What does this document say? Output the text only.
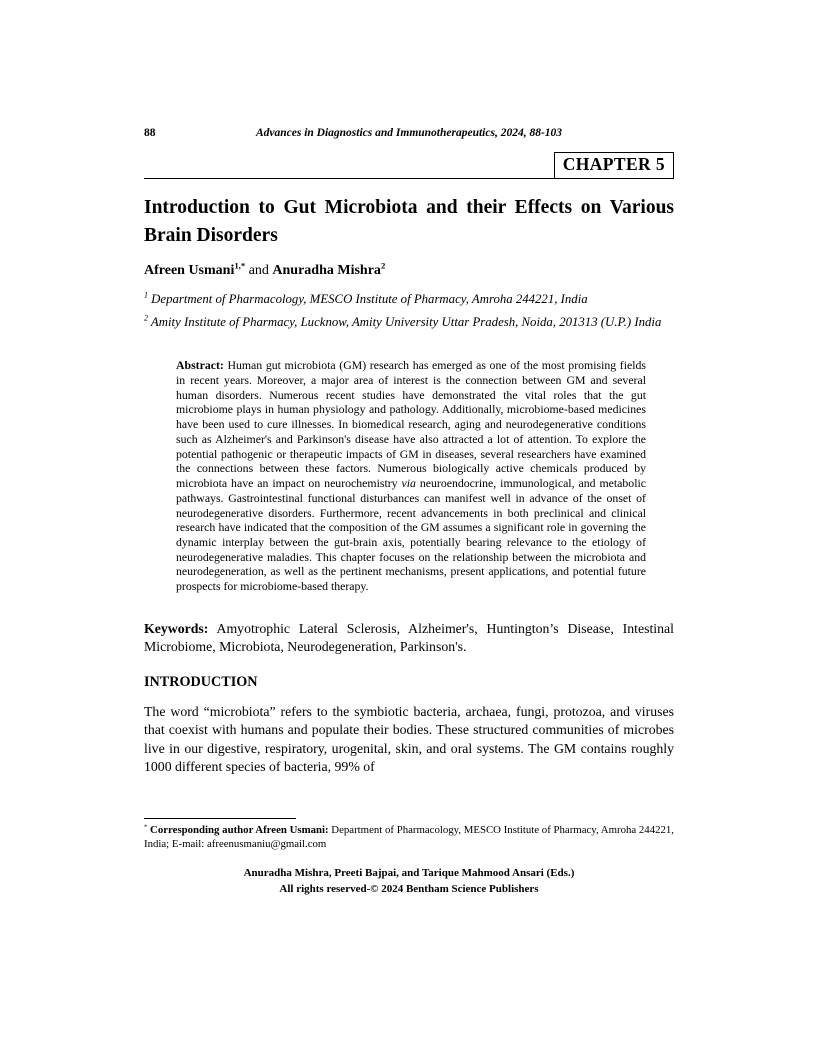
88	Advances in Diagnostics and Immunotherapeutics, 2024, 88-103
CHAPTER 5
Introduction to Gut Microbiota and their Effects on Various Brain Disorders

Afreen Usmani$^{1,*}$ and Anuradha Mishra$^2$

$^1$ Department of Pharmacology, MESCO Institute of Pharmacy, Amroha 244221, India

$^2$ Amity Institute of Pharmacy, Lucknow, Amity University Uttar Pradesh, Noida, 201313 (U.P.) India

Abstract: Human gut microbiota (GM) research has emerged as one of the most promising fields in recent years. Moreover, a major area of interest is the connection between GM and several human disorders. Numerous recent studies have demonstrated the vital roles that the gut microbiome plays in human physiology and pathology. Additionally, microbiome-based medicines have been used to cure illnesses. In biomedical research, aging and neurodegenerative conditions such as Alzheimer's and Parkinson's disease have also attracted a lot of attention. To explore the potential pathogenic or therapeutic impacts of GM in diseases, several researchers have examined the connections between these factors. Numerous biologically active chemicals produced by microbiota have an impact on neurochemistry via neuroendocrine, immunological, and metabolic pathways. Gastrointestinal functional disturbances can manifest well in advance of the onset of neurodegenerative disorders. Furthermore, recent advancements in both preclinical and clinical research have indicated that the composition of the GM assumes a significant role in governing the dynamic interplay between the gut-brain axis, potentially bearing relevance to the etiology of neurodegenerative maladies. This chapter focuses on the relationship between the microbiota and neurodegeneration, as well as the pertinent mechanisms, present applications, and potential future prospects for microbiome-based therapy.

Keywords: Amyotrophic Lateral Sclerosis, Alzheimer's, Huntington’s Disease, Intestinal Microbiome, Microbiota, Neurodegeneration, Parkinson's.

INTRODUCTION

The word “microbiota” refers to the symbiotic bacteria, archaea, fungi, protozoa, and viruses that coexist with humans and populate their bodies. These structured communities of microbes live in our digestive, respiratory, urogenital, skin, and oral systems. The GM contains roughly 1000 different species of bacteria, 99% of

* Corresponding author Afreen Usmani: Department of Pharmacology, MESCO Institute of Pharmacy, Amroha 244221, India; E-mail: afreenusmaniu@gmail.com

Anuradha Mishra, Preeti Bajpai, and Tarique Mahmood Ansari (Eds.)
All rights reserved-© 2024 Bentham Science Publishers
